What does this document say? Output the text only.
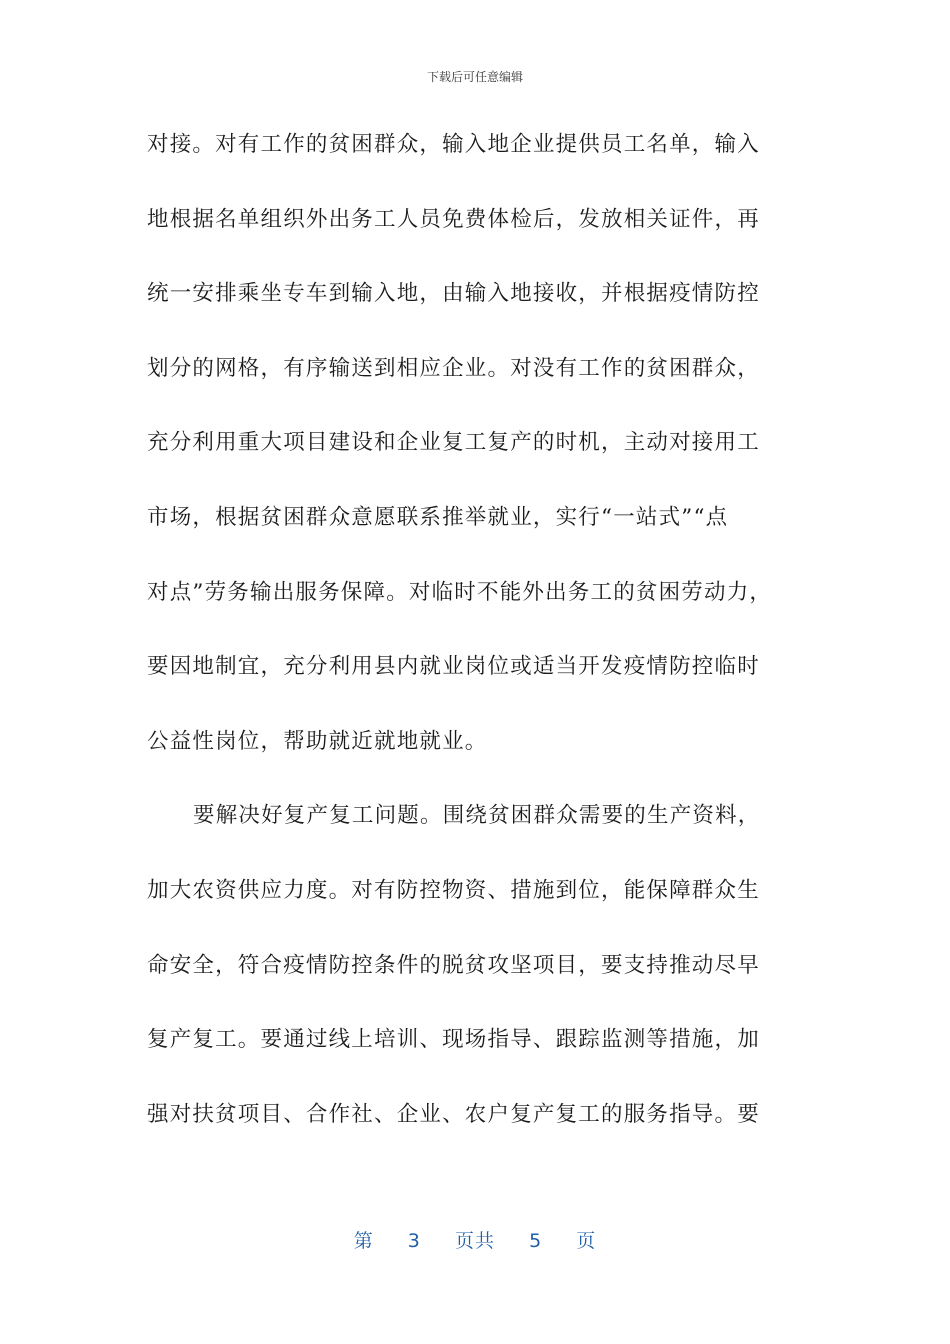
下载后可任意编辑
对接。对有工作的贫困群众，输入地企业提供员工名单，输入
地根据名单组织外出务工人员免费体检后，发放相关证件，再
统一安排乘坐专车到输入地，由输入地接收，并根据疫情防控
划分的网格，有序输送到相应企业。对没有工作的贫困群众，
充分利用重大项目建设和企业复工复产的时机，主动对接用工
市场，根据贫困群众意愿联系推举就业，实行“一站式”“点
对点”劳务输出服务保障。对临时不能外出务工的贫困劳动力，
要因地制宜，充分利用县内就业岗位或适当开发疫情防控临时
公益性岗位，帮助就近就地就业。
要解决好复产复工问题。围绕贫困群众需要的生产资料，
加大农资供应力度。对有防控物资、措施到位，能保障群众生
命安全，符合疫情防控条件的脱贫攻坚项目，要支持推动尽早
复产复工。要通过线上培训、现场指导、跟踪监测等措施，加
强对扶贫项目、合作社、企业、农户复产复工的服务指导。要
第 3 页共 5 页
